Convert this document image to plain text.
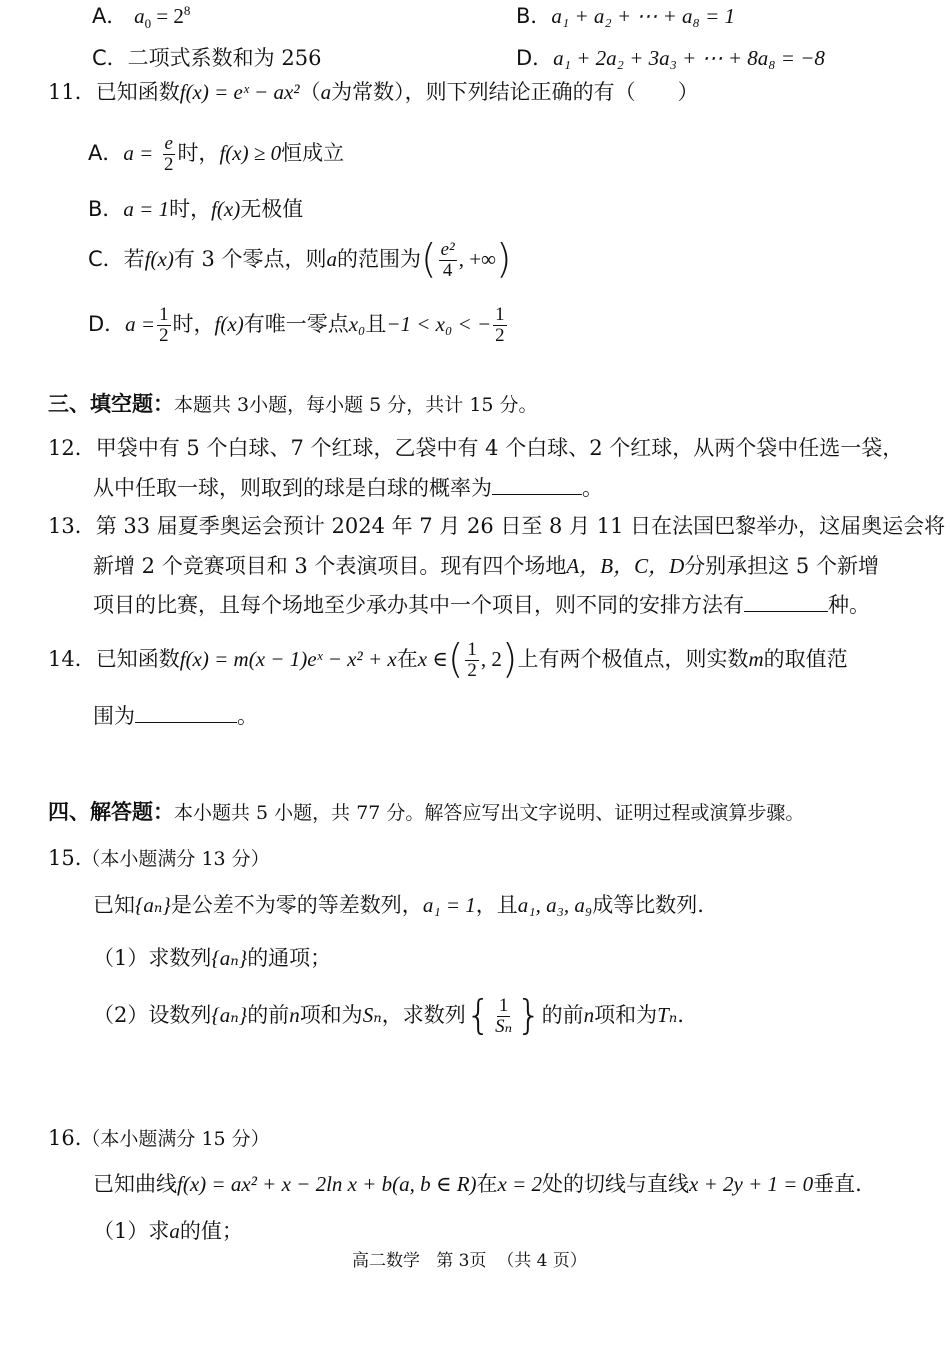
A． $a_0 = 2^8$	B．a₁ + a₂ + ⋯ + a₈ = 1
C．二项式系数和为 256	D．a₁ + 2a₂ + 3a₃ + ⋯ + 8a₈ = −8
11．已知函数f(x) = eˣ − ax²（a为常数），则下列结论正确的有（　　）
A．$a = \frac{e}{2}$ 时，f(x) ≥ 0恒成立
B．a = 1时，f(x)无极值
C．若f(x)有 3 个零点，则a的范围为( $\frac{\text{e²}}{4}$ , +∞)
D．$a = \frac{1}{2}$ 时，f(x)有唯一零点x₀且−1 < x₀ < − $\frac{1}{2}$
三、填空题：本题共 3小题，每小题 5 分，共计 15 分。
12．甲袋中有 5 个白球、7 个红球，乙袋中有 4 个白球、2 个红球，从两个袋中任选一袋，
从中任取一球，则取到的球是白球的概率为	。
13．第 33 届夏季奥运会预计 2024 年 7 月 26 日至 8 月 11 日在法国巴黎举办，这届奥运会将
新增 2 个竞赛项目和 3 个表演项目。现有四个场地A，B，C，D分别承担这 5 个新增
项目的比赛，且每个场地至少承办其中一个项目，则不同的安排方法有	种。
14．已知函数f(x) = m(x − 1)eˣ − x² + x在x ∈( $\frac{1}{2}$ , 2)上有两个极值点，则实数m的取值范
围为	。
四、解答题：本小题共 5 小题，共 77 分。解答应写出文字说明、证明过程或演算步骤。
15.（本小题满分 13 分）
已知{aₙ}是公差不为零的等差数列，a₁ = 1，且a₁, a₃, a₉成等比数列.
（1）求数列{aₙ}的通项；
（2）设数列{aₙ}的前n项和为Sₙ，求数列{ $\frac{1}{\text{Sₙ}}$ }的前n项和为Tₙ.
16.（本小题满分 15 分）
已知曲线f(x) = ax² + x − 2ln x + b(a, b ∈ R)在x = 2处的切线与直线x + 2y + 1 = 0垂直.
（1）求a的值；
高二数学 第 3页 （共 4 页）
